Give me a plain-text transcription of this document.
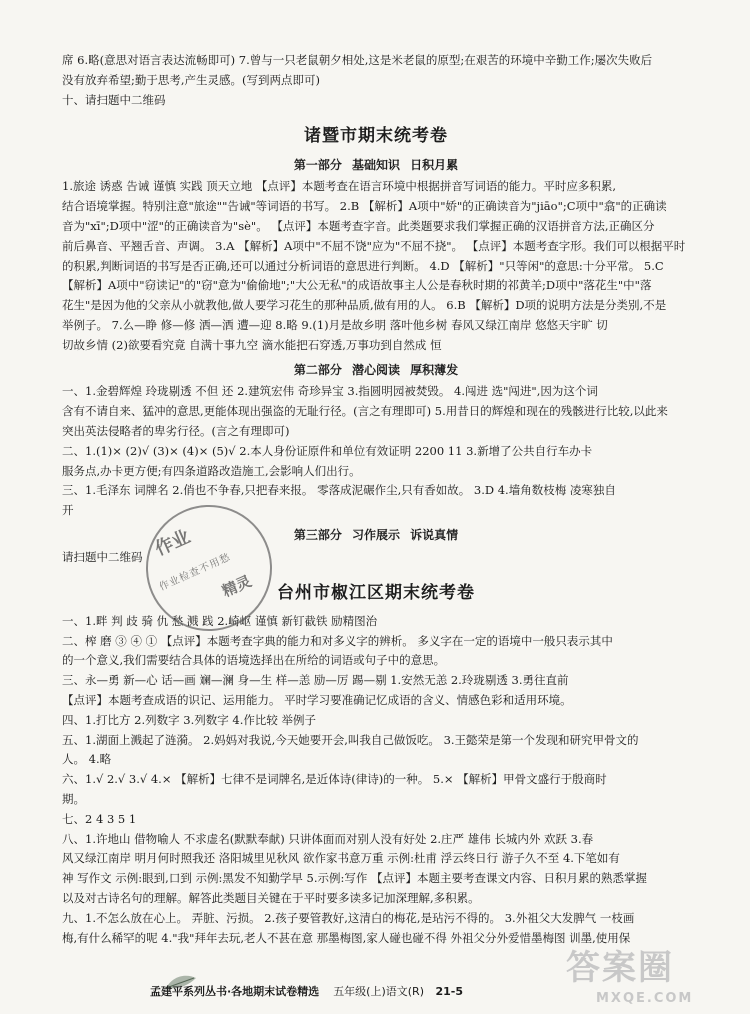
席 6.略(意思对语言表达流畅即可) 7.曾与一只老鼠朝夕相处,这是米老鼠的原型;在艰苦的环境中辛勤工作;屡次失败后

没有放弃希望;勤于思考,产生灵感。(写到两点即可)

十、请扫题中二维码

诸暨市期末统考卷
第一部分 基础知识 日积月累

1.旅途 诱惑 告诫 谨慎 实践 顶天立地 【点评】本题考查在语言环境中根据拼音写词语的能力。平时应多积累,

结合语境掌握。特别注意"旅途""告诫"等词语的书写。 2.B 【解析】A项中"娇"的正确读音为"jiāo";C项中"翕"的正确读

音为"xī";D项中"涩"的正确读音为"sè"。 【点评】本题考查字音。此类题要求我们掌握正确的汉语拼音方法,正确区分

前后鼻音、平翘舌音、声调。 3.A 【解析】A项中"不屈不饶"应为"不屈不挠"。 【点评】本题考查字形。我们可以根据平时

的积累,判断词语的书写是否正确,还可以通过分析词语的意思进行判断。 4.D 【解析】"只等闲"的意思:十分平常。 5.C

【解析】A项中"窃读记"的"窃"意为"偷偷地";"大公无私"的成语故事主人公是春秋时期的祁黄羊;D项中"落花生"中"落

花生"是因为他的父亲从小就教他,做人要学习花生的那种品质,做有用的人。 6.B 【解析】D项的说明方法是分类别,不是

举例子。 7.么—睁 修—修 洒—洒 遭—迎 8.略 9.(1)月是故乡明 落叶他乡树 春风又绿江南岸 悠悠天宇旷 切

切故乡情 (2)欲要看究竟 自满十事九空 滴水能把石穿透,万事功到自然成 恒

第二部分 潜心阅读 厚积薄发

一、1.金碧辉煌 玲珑剔透 不但 还 2.建筑宏伟 奇珍异宝 3.指圆明园被焚毁。 4.闯进 选"闯进",因为这个词

含有不请自来、猛冲的意思,更能体现出强盗的无耻行径。(言之有理即可) 5.用昔日的辉煌和现在的残骸进行比较,以此来

突出英法侵略者的卑劣行径。(言之有理即可)

二、1.(1)× (2)√ (3)× (4)× (5)√ 2.本人身份证原件和单位有效证明 2200 11 3.新增了公共自行车办卡

服务点,办卡更方便;有四条道路改造施工,会影响人们出行。

三、1.毛泽东 词牌名 2.俏也不争春,只把春来报。 零落成泥碾作尘,只有香如故。 3.D 4.墙角数枝梅 凌寒独自

开

第三部分 习作展示 诉说真情

请扫题中二维码

台州市椒江区期末统考卷

一、1.畔 判 歧 骑 仇 愁 溅 践 2.崎岖 谨慎 新钉截铁 励精图治

二、榨 磨 ③ ④ ① 【点评】本题考查字典的能力和对多义字的辨析。 多义字在一定的语境中一般只表示其中

的一个意义,我们需要结合具体的语境选择出在所给的词语或句子中的意思。

三、永—勇 新—心 话—画 斓—澜 身—生 样—恙 励—厉 踢—剔 1.安然无恙 2.玲珑剔透 3.勇往直前

【点评】本题考查成语的识记、运用能力。 平时学习要准确记忆成语的含义、情感色彩和适用环境。

四、1.打比方 2.列数字 3.列数字 4.作比较 举例子

五、1.湖面上溅起了涟漪。 2.妈妈对我说,今天她要开会,叫我自己做饭吃。 3.王懿荣是第一个发现和研究甲骨文的

人。 4.略

六、1.√ 2.√ 3.√ 4.× 【解析】七律不是词牌名,是近体诗(律诗)的一种。 5.× 【解析】甲骨文盛行于殷商时

期。

七、2 4 3 5 1

八、1.许地山 借物喻人 不求虚名(默默奉献) 只讲体面而对别人没有好处 2.庄严 雄伟 长城内外 欢跃 3.春

风又绿江南岸 明月何时照我还 洛阳城里见秋风 欲作家书意万重 示例:杜甫 浮云终日行 游子久不至 4.下笔如有

神 写作文 示例:眼到,口到 示例:黑发不知勤学早 5.示例:写作 【点评】本题主要考查课文内容、日积月累的熟悉掌握

以及对古诗名句的理解。解答此类题目关键在于平时要多读多记加深理解,多积累。

九、1.不怎么放在心上。 弄脏、污损。 2.孩子要管教好,这清白的梅花,是玷污不得的。 3.外祖父大发脾气 一枝画

梅,有什么稀罕的呢 4."我"拜年去玩,老人不甚在意 那墨梅图,家人碰也碰不得 外祖父分外爱惜墨梅图 训墨,使用保

作业
作业检查不用愁
精灵
孟建平系列丛书·各地期末试卷精选 五年级(上)语文(R) 21-5
答案圈
MXQE.COM
